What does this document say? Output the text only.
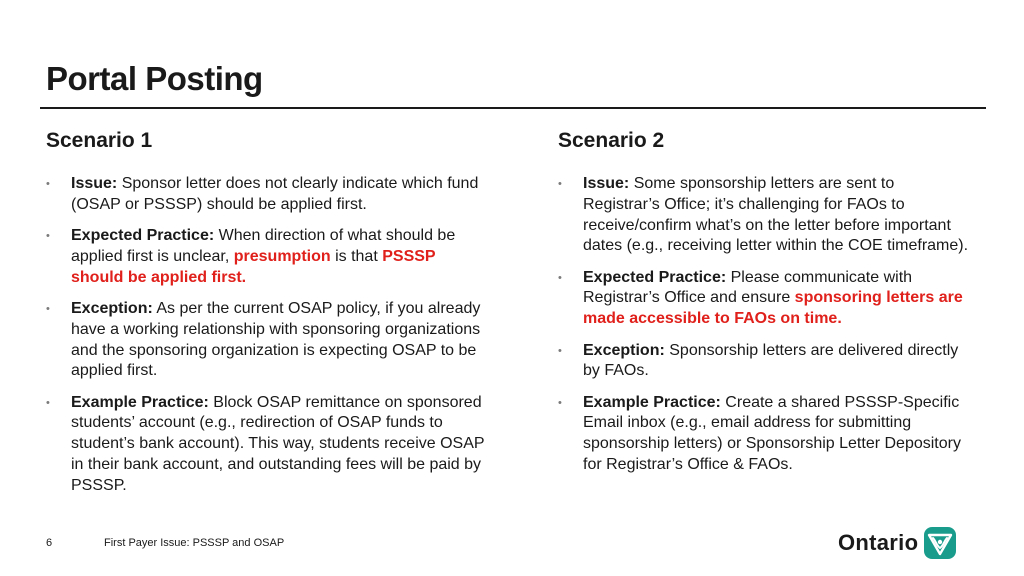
Portal Posting
Scenario 1
• Issue: Sponsor letter does not clearly indicate which fund (OSAP or PSSSP) should be applied first.
• Expected Practice: When direction of what should be applied first is unclear, presumption is that PSSSP should be applied first.
• Exception: As per the current OSAP policy, if you already have a working relationship with sponsoring organizations and the sponsoring organization is expecting OSAP to be applied first.
• Example Practice: Block OSAP remittance on sponsored students’ account (e.g., redirection of OSAP funds to student’s bank account). This way, students receive OSAP in their bank account, and outstanding fees will be paid by PSSSP.
Scenario 2
• Issue: Some sponsorship letters are sent to Registrar’s Office; it’s challenging for FAOs to receive/confirm what’s on the letter before important dates (e.g., receiving letter within the COE timeframe).
• Expected Practice: Please communicate with Registrar’s Office and ensure sponsoring letters are made accessible to FAOs on time.
• Exception: Sponsorship letters are delivered directly by FAOs.
• Example Practice: Create a shared PSSSP-Specific Email inbox (e.g., email address for submitting sponsorship letters) or Sponsorship Letter Depository for Registrar’s Office & FAOs.
6	First Payer Issue: PSSSP and OSAP	Ontario
